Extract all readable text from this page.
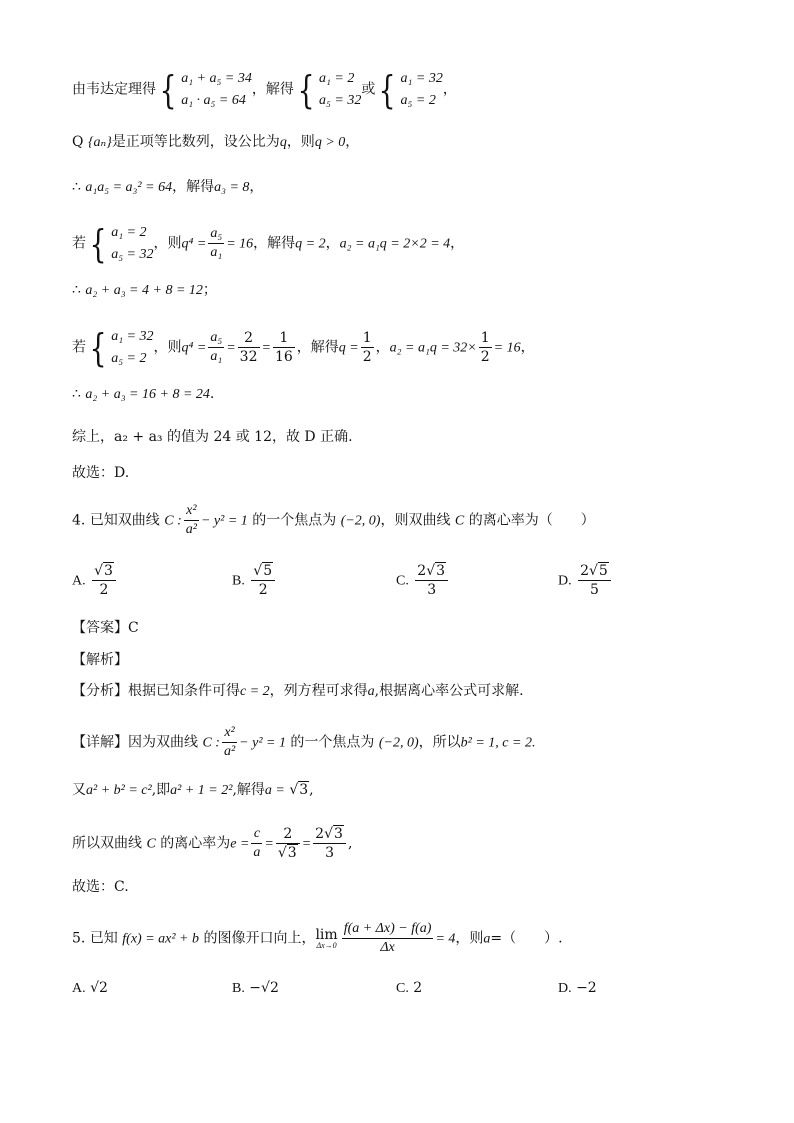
由韦达定理得 { a₁ + a₅ = 34
a₁ · a₅ = 64
，解得 { a₁ = 2
a₅ = 32
或 { a₁ = 32
a₅ = 2
，
Q {aₙ}是正项等比数列，设公比为q，则q > 0，
∴ a₁a₅ = a₃² = 64，解得a₃ = 8，
若 { a₁ = 2
a₅ = 32
，则$q^4 = \frac{\text{a₅}}{\text{a₁}} = 16$，解得q = 2，a₂ = a₁q = 2×2 = 4，
∴ a₂ + a₃ = 4 + 8 = 12；
若 { a₁ = 32
a₅ = 2
，则$q^4 = \frac{\text{a₅}}{\text{a₁}} = \frac{2}{32} = \frac{1}{16}$ ，解得$q = \frac{1}{2}$ ，$a_2 = a_1q = 32\times \frac{1}{2} = 16$，
∴ a₂ + a₃ = 16 + 8 = 24.
综上，a₂ + a₃ 的值为 24 或 12，故 D 正确.
故选：D.
4. 已知双曲线 C : $\frac{\text{x²}}{\text{a²}} - y^2 = 1$ 的一个焦点为 (−2, 0)，则双曲线 C 的离心率为（　　）
A. $\frac{√3}{2}$	B. $\frac{√5}{2}$	C. $\frac{2√3}{3}$	D. $\frac{2√5}{5}$
【答案】C
【解析】
【分析】根据已知条件可得c = 2，列方程可求得a,根据离心率公式可求解.
【详解】因为双曲线 C : $\frac{\text{x²}}{\text{a²}} - y^2 = 1$ 的一个焦点为 (−2, 0)，所以b² = 1, c = 2.
又a² + b² = c²,即a² + 1 = 2²,解得a = √3,
所以双曲线 C 的离心率为$e = \frac{c}{a} = \frac{2}{√3} = \frac{2√3}{3}$ ,
故选：C.
5. 已知 f(x) = ax² + b 的图像开口向上， lim
$\Delta x\to 0 \frac{f(a + \Delta x) - f(a)}{\Delta x} = 4$，则a=（　　）.
A. √2	B. −√2	C. 2	D. −2
